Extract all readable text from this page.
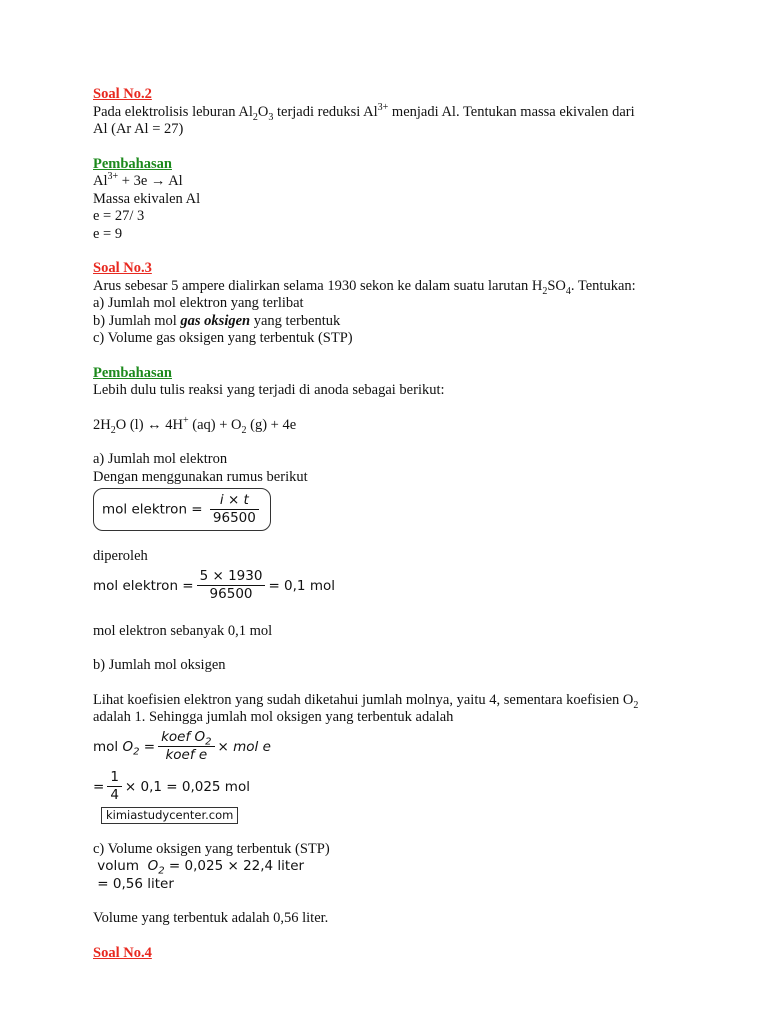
Soal No.2
Pada elektrolisis leburan $Al_2O_3$ terjadi reduksi $Al^{3+}$ menjadi Al. Tentukan massa ekivalen dari
Al (Ar Al = 27)
Pembahasan
$Al^{3+} + 3e \to Al$
Massa ekivalen Al
e = 27/ 3
e = 9
Soal No.3
Arus sebesar 5 ampere dialirkan selama 1930 sekon ke dalam suatu larutan $H_2SO_4$. Tentukan:
a) Jumlah mol elektron yang terlibat
b) Jumlah mol gas oksigen yang terbentuk
c) Volume gas oksigen yang terbentuk (STP)
Pembahasan
Lebih dulu tulis reaksi yang terjadi di anoda sebagai berikut:
$2H_2O$ (l) ↔ 4H+ $(aq) + O_2$ (g) + 4e
a) Jumlah mol elektron
Dengan menggunakan rumus berikut
mol elektron = $\frac{i \times t}{96500}$
diperoleh
mol elektron = $\frac{5 \times 1930}{96500} = 0,1$ mol
mol elektron sebanyak 0,1 mol
b) Jumlah mol oksigen
Lihat koefisien elektron yang sudah diketahui jumlah molnya, yaitu 4, sementara koefisien $O_2$
adalah 1. Sehingga jumlah mol oksigen yang terbentuk adalah
mol
$O_2$
= $\frac{koef O_2}{\text{koef e}}$ × mol e
= $\frac{1}{4} \times 0,1 = 0,025$ mol
kimiastudycenter.com
c) Volume oksigen yang terbentuk (STP)
volum $O_2 = 0,025 \times 22,4$ liter
= 0,56 liter
Volume yang terbentuk adalah 0,56 liter.
Soal No.4
